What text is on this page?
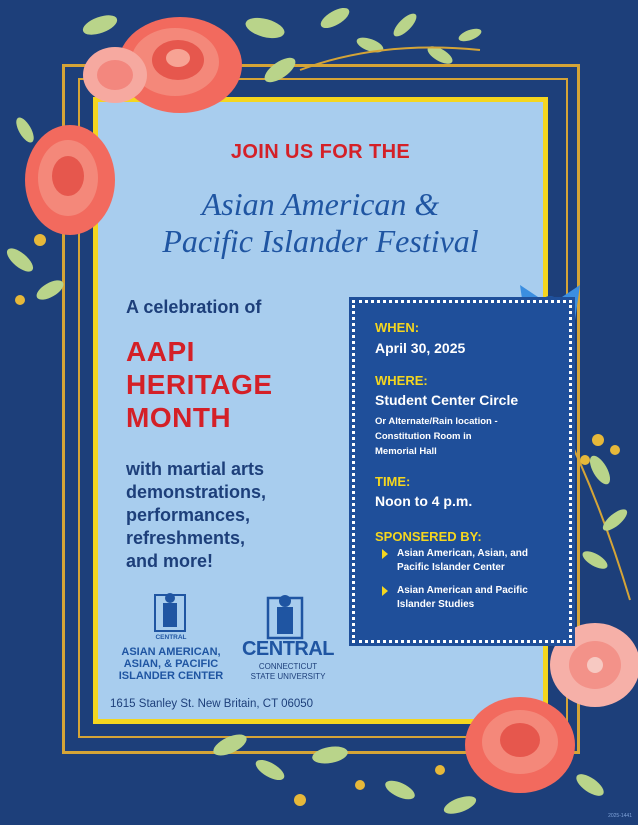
JOIN US FOR THE
Asian American &
Pacific Islander Festival
A celebration of
AAPI
HERITAGE
MONTH
with martial arts
demonstrations,
performances,
refreshments,
and more!
WHEN:
April 30, 2025
WHERE:
Student Center Circle
Or Alternate/Rain location -
Constitution Room in
Memorial Hall
TIME:
Noon to 4 p.m.
SPONSERED BY:
Asian American, Asian, and
Pacific Islander Center
Asian American and Pacific
Islander Studies
CENTRAL
ASIAN AMERICAN,
ASIAN, & PACIFIC
ISLANDER CENTER
CENTRAL
CONNECTICUT
STATE UNIVERSITY
1615 Stanley St. New Britain, CT 06050
2025-1441
